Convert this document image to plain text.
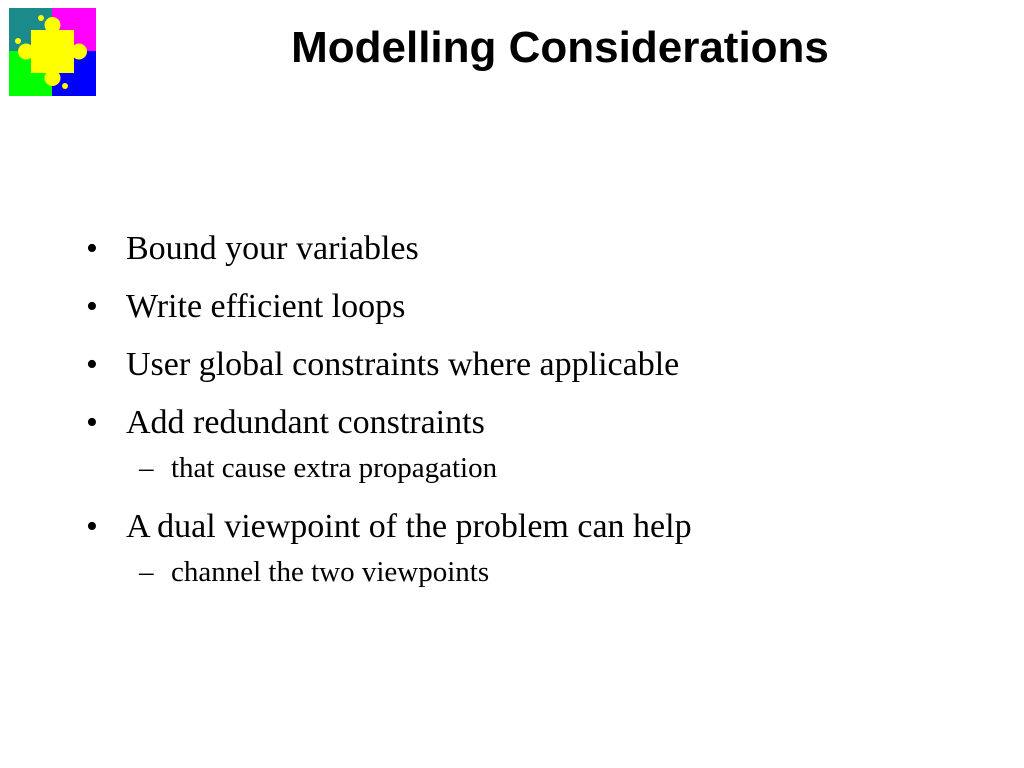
Modelling Considerations
• Bound your variables
• Write efficient loops
• User global constraints where applicable
• Add redundant constraints
– that cause extra propagation
• A dual viewpoint of the problem can help
– channel the two viewpoints
